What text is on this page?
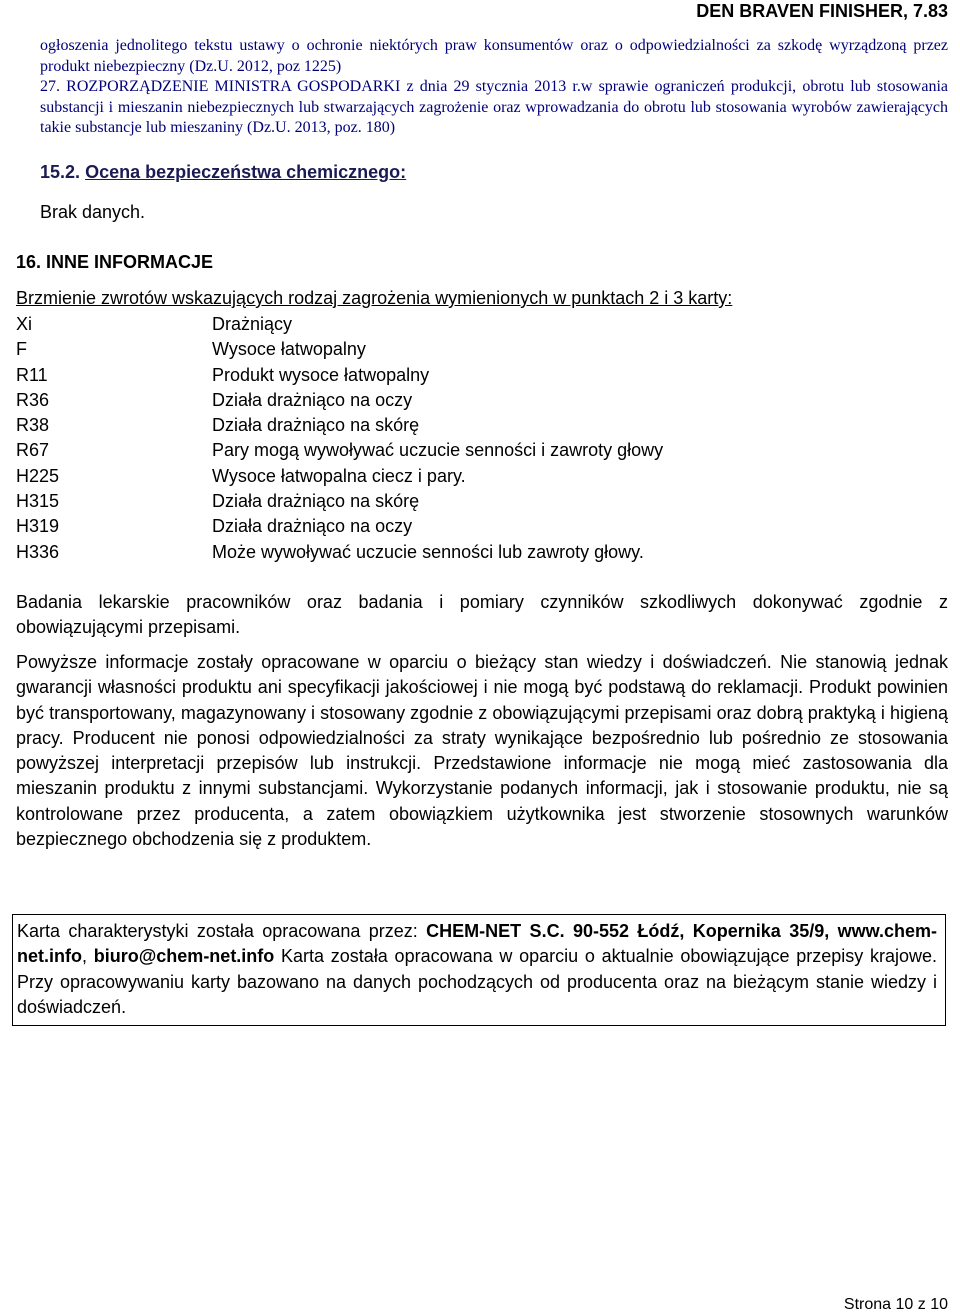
DEN BRAVEN FINISHER, 7.83

ogłoszenia jednolitego tekstu ustawy o ochronie niektórych praw konsumentów oraz o odpowiedzialności za szkodę wyrządzoną przez produkt niebezpieczny (Dz.U. 2012, poz 1225)

27. ROZPORZĄDZENIE MINISTRA GOSPODARKI z dnia 29 stycznia 2013 r.w sprawie ograniczeń produkcji, obrotu lub stosowania substancji i mieszanin niebezpiecznych lub stwarzających zagrożenie oraz wprowadzania do obrotu lub stosowania wyrobów zawierających takie substancje lub mieszaniny (Dz.U. 2013, poz. 180)

15.2. Ocena bezpieczeństwa chemicznego:
Brak danych.
16. INNE INFORMACJE
Brzmienie zwrotów wskazujących rodzaj zagrożenia wymienionych w punktach 2 i 3 karty:
Xi	Drażniący
F	Wysoce łatwopalny
R11	Produkt wysoce łatwopalny
R36	Działa drażniąco na oczy
R38	Działa drażniąco na skórę
R67	Pary mogą wywoływać uczucie senności i zawroty głowy
H225	Wysoce łatwopalna ciecz i pary.
H315	Działa drażniąco na skórę
H319	Działa drażniąco na oczy
H336	Może wywoływać uczucie senności lub zawroty głowy.

Badania lekarskie pracowników oraz badania i pomiary czynników szkodliwych dokonywać zgodnie z obowiązującymi przepisami.

Powyższe informacje zostały opracowane w oparciu o bieżący stan wiedzy i doświadczeń. Nie stanowią jednak gwarancji własności produktu ani specyfikacji jakościowej i nie mogą być podstawą do reklamacji. Produkt powinien być transportowany, magazynowany i stosowany zgodnie z obowiązującymi przepisami oraz dobrą praktyką i higieną pracy. Producent nie ponosi odpowiedzialności za straty wynikające bezpośrednio lub pośrednio ze stosowania powyższej interpretacji przepisów lub instrukcji. Przedstawione informacje nie mogą mieć zastosowania dla mieszanin produktu z innymi substancjami. Wykorzystanie podanych informacji, jak i stosowanie produktu, nie są kontrolowane przez producenta, a zatem obowiązkiem użytkownika jest stworzenie stosownych warunków bezpiecznego obchodzenia się z produktem.

Karta charakterystyki została opracowana przez: CHEM-NET S.C. 90-552 Łódź, Kopernika 35/9, www.chem-net.info, biuro@chem-net.info Karta została opracowana w oparciu o aktualnie obowiązujące przepisy krajowe. Przy opracowywaniu karty bazowano na danych pochodzących od producenta oraz na bieżącym stanie wiedzy i doświadczeń.
Strona 10 z 10
